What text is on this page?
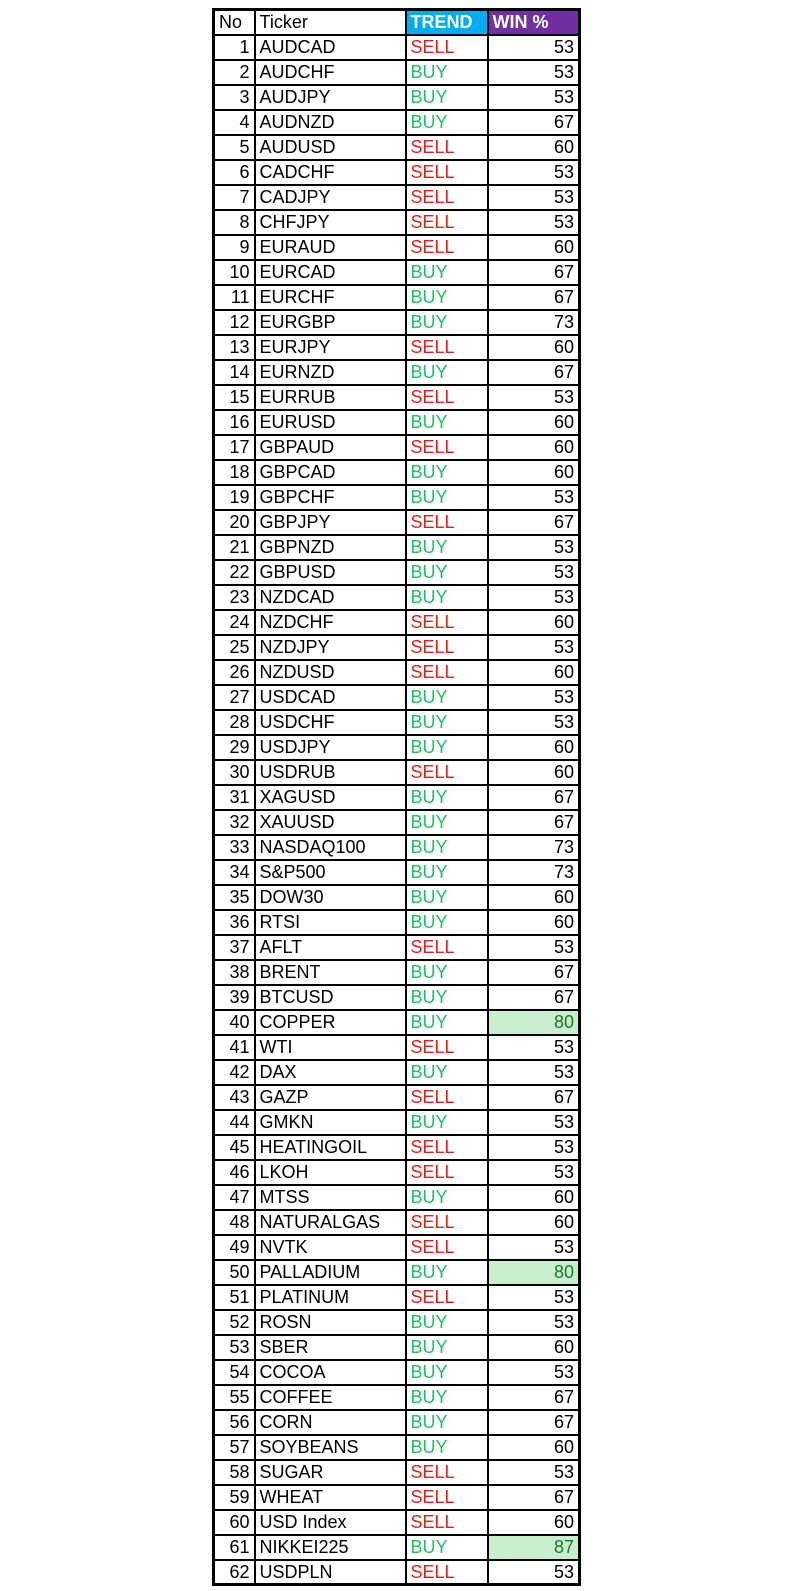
No	Ticker	TREND	WIN %
1	AUDCAD	SELL	53
2	AUDCHF	BUY	53
3	AUDJPY	BUY	53
4	AUDNZD	BUY	67
5	AUDUSD	SELL	60
6	CADCHF	SELL	53
7	CADJPY	SELL	53
8	CHFJPY	SELL	53
9	EURAUD	SELL	60
10	EURCAD	BUY	67
11	EURCHF	BUY	67
12	EURGBP	BUY	73
13	EURJPY	SELL	60
14	EURNZD	BUY	67
15	EURRUB	SELL	53
16	EURUSD	BUY	60
17	GBPAUD	SELL	60
18	GBPCAD	BUY	60
19	GBPCHF	BUY	53
20	GBPJPY	SELL	67
21	GBPNZD	BUY	53
22	GBPUSD	BUY	53
23	NZDCAD	BUY	53
24	NZDCHF	SELL	60
25	NZDJPY	SELL	53
26	NZDUSD	SELL	60
27	USDCAD	BUY	53
28	USDCHF	BUY	53
29	USDJPY	BUY	60
30	USDRUB	SELL	60
31	XAGUSD	BUY	67
32	XAUUSD	BUY	67
33	NASDAQ100	BUY	73
34	S&P500	BUY	73
35	DOW30	BUY	60
36	RTSI	BUY	60
37	AFLT	SELL	53
38	BRENT	BUY	67
39	BTCUSD	BUY	67
40	COPPER	BUY	80
41	WTI	SELL	53
42	DAX	BUY	53
43	GAZP	SELL	67
44	GMKN	BUY	53
45	HEATINGOIL	SELL	53
46	LKOH	SELL	53
47	MTSS	BUY	60
48	NATURALGAS	SELL	60
49	NVTK	SELL	53
50	PALLADIUM	BUY	80
51	PLATINUM	SELL	53
52	ROSN	BUY	53
53	SBER	BUY	60
54	COCOA	BUY	53
55	COFFEE	BUY	67
56	CORN	BUY	67
57	SOYBEANS	BUY	60
58	SUGAR	SELL	53
59	WHEAT	SELL	67
60	USD Index	SELL	60
61	NIKKEI225	BUY	87
62	USDPLN	SELL	53
